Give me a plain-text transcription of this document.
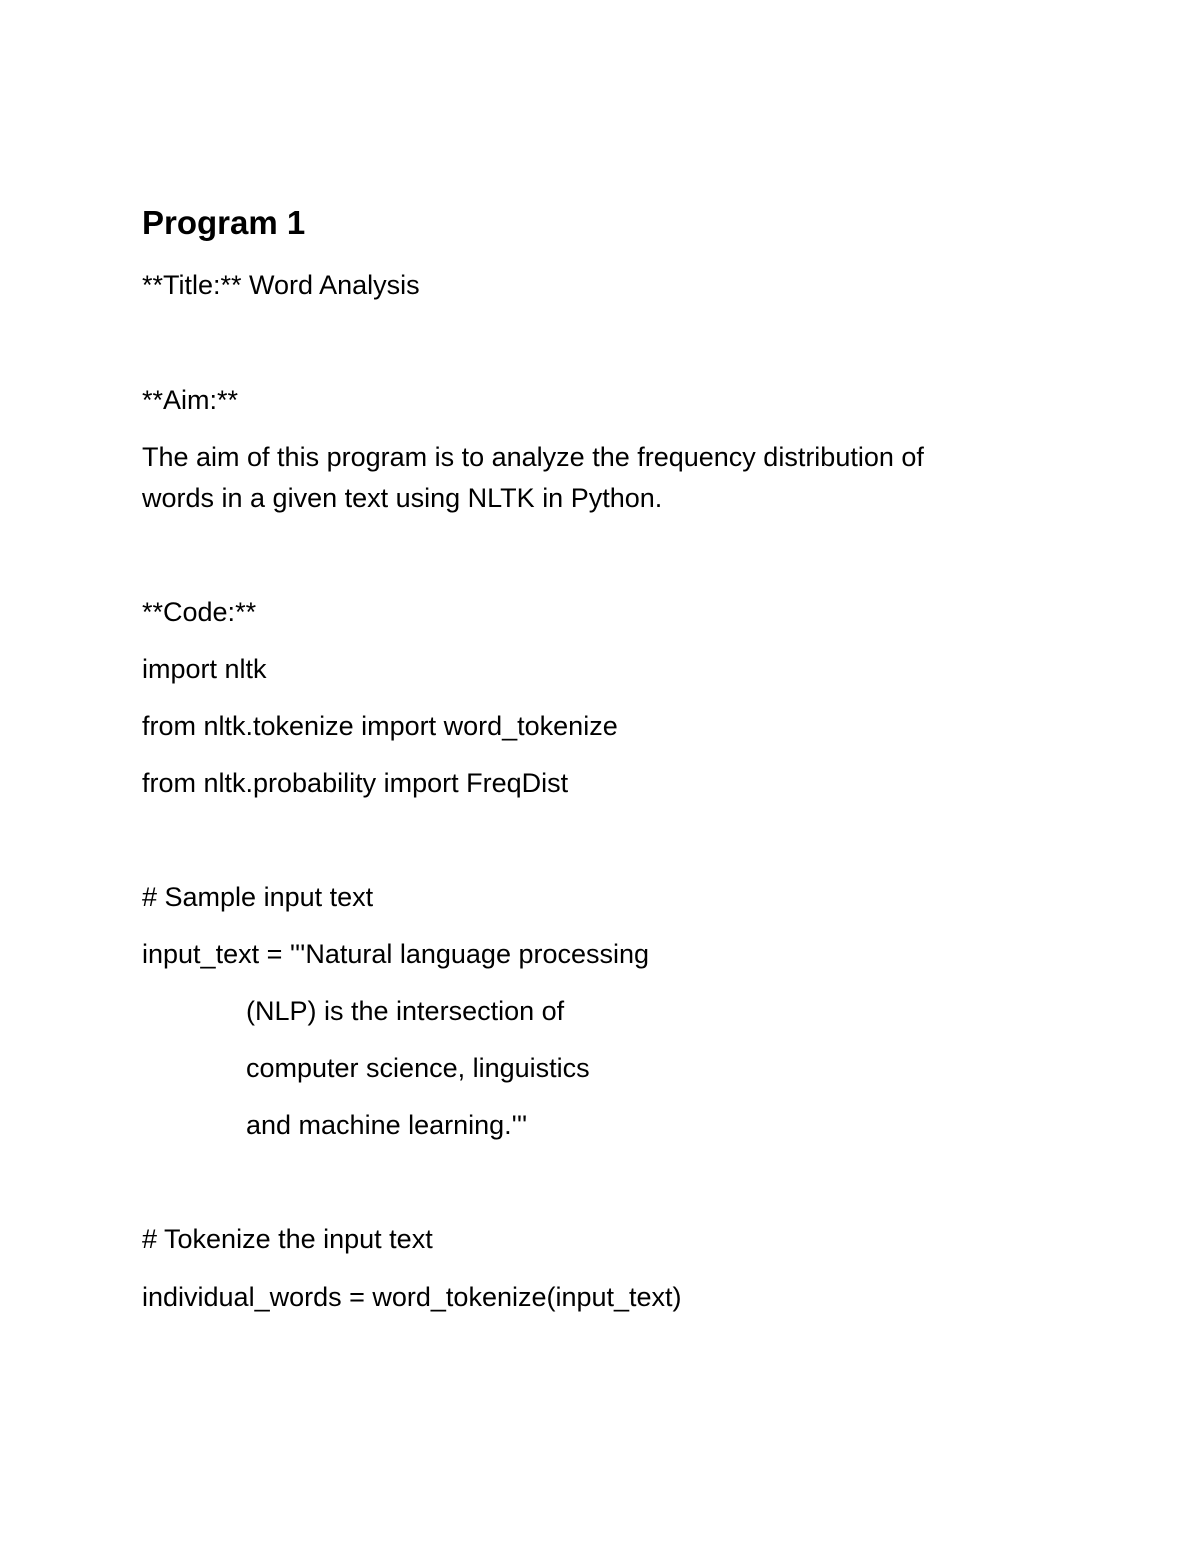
Program 1

**Title:** Word Analysis

**Aim:**

The aim of this program is to analyze the frequency distribution of

words in a given text using NLTK in Python.

**Code:**

import nltk

from nltk.tokenize import word_tokenize

from nltk.probability import FreqDist

# Sample input text

input_text = '''Natural language processing

(NLP) is the intersection of

computer science, linguistics

and machine learning.'''

# Tokenize the input text

individual_words = word_tokenize(input_text)
